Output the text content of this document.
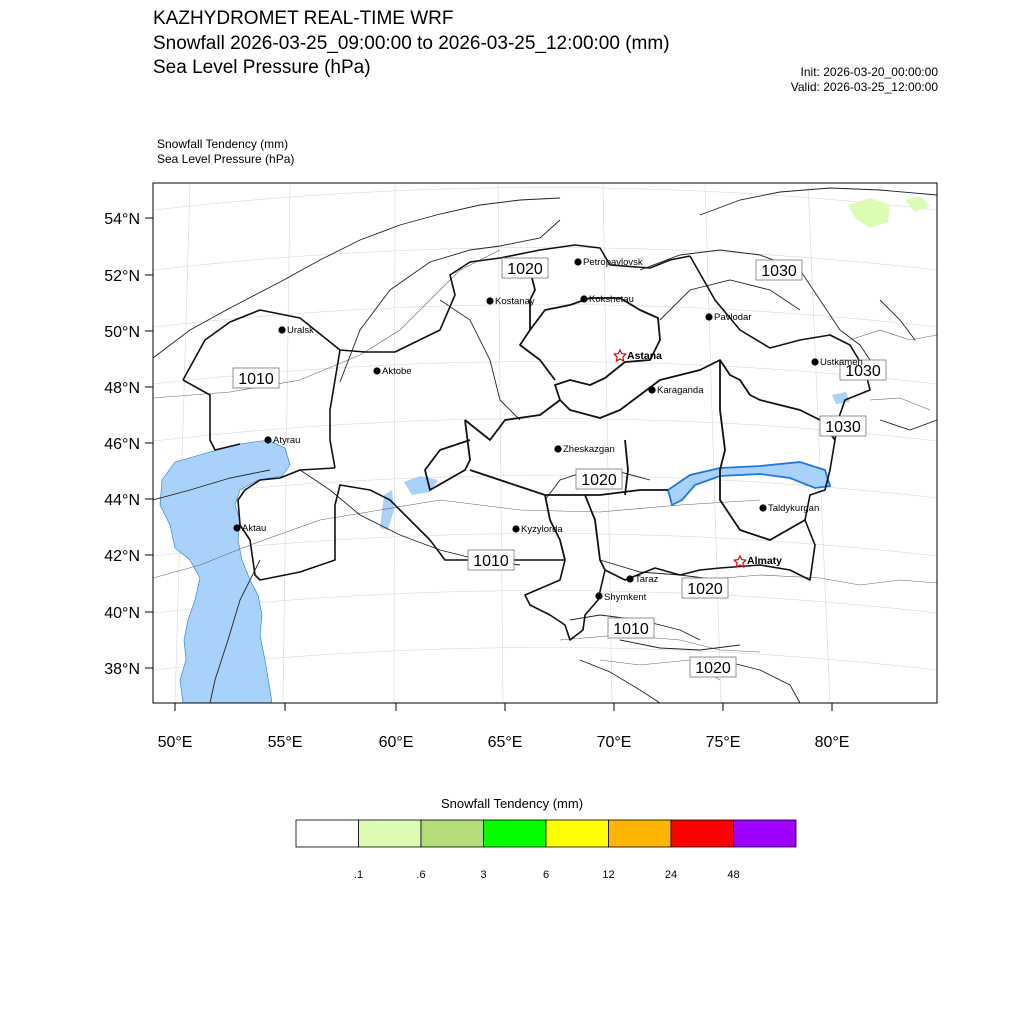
KAZHYDROMET REAL-TIME WRF
Snowfall 2026-03-25_09:00:00 to 2026-03-25_12:00:00 (mm)
Sea Level Pressure (hPa)	Init: 2026-03-20_00:00:00
Valid: 2026-03-25_12:00:00
Snowfall Tendency (mm)
Sea Level Pressure (hPa)
54°N
52°N
50°N
48°N
46°N
44°N
42°N
40°N
38°N
50°E	55°E	60°E	65°E	70°E	75°E	80°E
1020	1030
1010	1030
1030
1020
1010
1020
1010
1020
Petropavlovsk
Kostanay	Kokshetau
Pavlodar
Uralsk
Aktobe
Astana
Ustkamen
Karaganda
Atyrau
Zheskazgan
Aktau	Kyzylorda
Taldykurgan
Almaty
Taraz
Shymkent
.1	.6	3	6	12	24	48
Snowfall Tendency (mm)
